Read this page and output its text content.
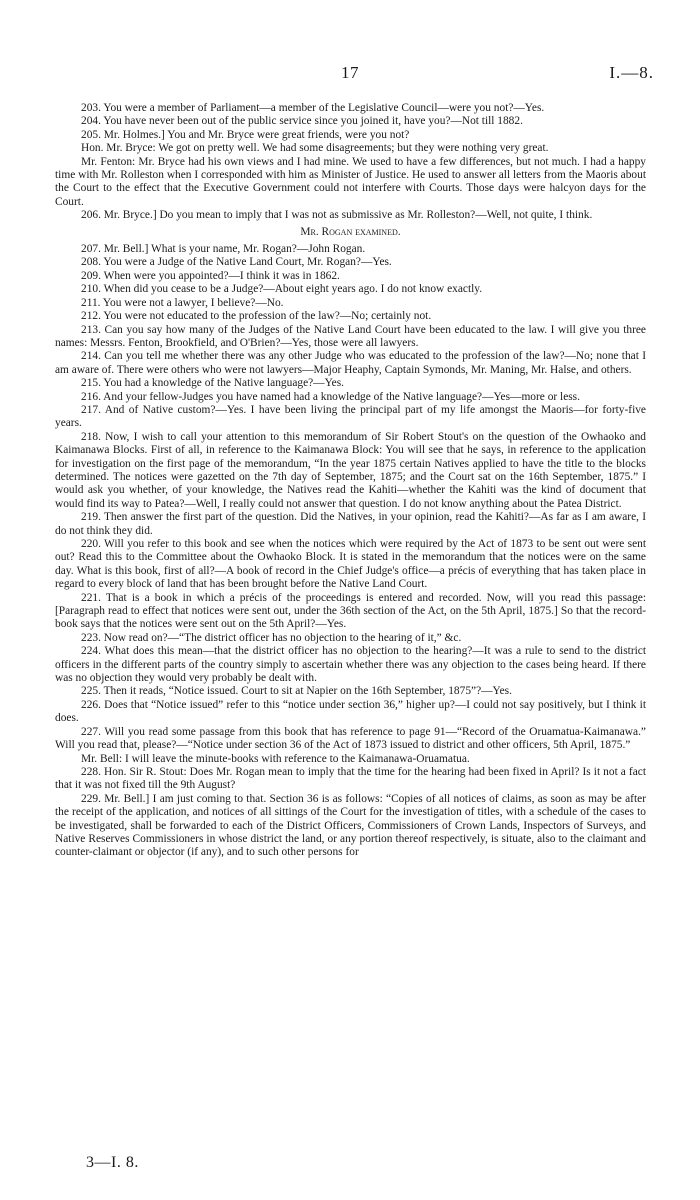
17	I.—8.

203. You were a member of Parliament—a member of the Legislative Council—were you not?—Yes.

204. You have never been out of the public service since you joined it, have you?—Not till 1882.

205. Mr. Holmes.] You and Mr. Bryce were great friends, were you not?

Hon. Mr. Bryce: We got on pretty well. We had some disagreements; but they were nothing very great.

Mr. Fenton: Mr. Bryce had his own views and I had mine. We used to have a few differences, but not much. I had a happy time with Mr. Rolleston when I corresponded with him as Minister of Justice. He used to answer all letters from the Maoris about the Court to the effect that the Executive Government could not interfere with Courts. Those days were halcyon days for the Court.

206. Mr. Bryce.] Do you mean to imply that I was not as submissive as Mr. Rolleston?—Well, not quite, I think.

Mr. Rogan examined.

207. Mr. Bell.] What is your name, Mr. Rogan?—John Rogan.

208. You were a Judge of the Native Land Court, Mr. Rogan?—Yes.

209. When were you appointed?—I think it was in 1862.

210. When did you cease to be a Judge?—About eight years ago. I do not know exactly.

211. You were not a lawyer, I believe?—No.

212. You were not educated to the profession of the law?—No; certainly not.

213. Can you say how many of the Judges of the Native Land Court have been educated to the law. I will give you three names: Messrs. Fenton, Brookfield, and O'Brien?—Yes, those were all lawyers.

214. Can you tell me whether there was any other Judge who was educated to the profession of the law?—No; none that I am aware of. There were others who were not lawyers—Major Heaphy, Captain Symonds, Mr. Maning, Mr. Halse, and others.

215. You had a knowledge of the Native language?—Yes.

216. And your fellow-Judges you have named had a knowledge of the Native language?—Yes—more or less.

217. And of Native custom?—Yes. I have been living the principal part of my life amongst the Maoris—for forty-five years.

218. Now, I wish to call your attention to this memorandum of Sir Robert Stout's on the question of the Owhaoko and Kaimanawa Blocks. First of all, in reference to the Kaimanawa Block: You will see that he says, in reference to the application for investigation on the first page of the memorandum, “In the year 1875 certain Natives applied to have the title to the blocks determined. The notices were gazetted on the 7th day of September, 1875; and the Court sat on the 16th September, 1875.” I would ask you whether, of your knowledge, the Natives read the Kahiti—whether the Kahiti was the kind of document that would find its way to Patea?—Well, I really could not answer that question. I do not know anything about the Patea District.

219. Then answer the first part of the question. Did the Natives, in your opinion, read the Kahiti?—As far as I am aware, I do not think they did.

220. Will you refer to this book and see when the notices which were required by the Act of 1873 to be sent out were sent out? Read this to the Committee about the Owhaoko Block. It is stated in the memorandum that the notices were on the same day. What is this book, first of all?—A book of record in the Chief Judge's office—a précis of everything that has taken place in regard to every block of land that has been brought before the Native Land Court.

221. That is a book in which a précis of the proceedings is entered and recorded. Now, will you read this passage: [Paragraph read to effect that notices were sent out, under the 36th section of the Act, on the 5th April, 1875.] So that the record-book says that the notices were sent out on the 5th April?—Yes.

223. Now read on?—“The district officer has no objection to the hearing of it,” &c.

224. What does this mean—that the district officer has no objection to the hearing?—It was a rule to send to the district officers in the different parts of the country simply to ascertain whether there was any objection to the cases being heard. If there was no objection they would very probably be dealt with.

225. Then it reads, “Notice issued. Court to sit at Napier on the 16th September, 1875”?—Yes.

226. Does that “Notice issued” refer to this “notice under section 36,” higher up?—I could not say positively, but I think it does.

227. Will you read some passage from this book that has reference to page 91—“Record of the Oruamatua-Kaimanawa.” Will you read that, please?—“Notice under section 36 of the Act of 1873 issued to district and other officers, 5th April, 1875.”

Mr. Bell: I will leave the minute-books with reference to the Kaimanawa-Oruamatua.

228. Hon. Sir R. Stout: Does Mr. Rogan mean to imply that the time for the hearing had been fixed in April? Is it not a fact that it was not fixed till the 9th August?

229. Mr. Bell.] I am just coming to that. Section 36 is as follows: “Copies of all notices of claims, as soon as may be after the receipt of the application, and notices of all sittings of the Court for the investigation of titles, with a schedule of the cases to be investigated, shall be forwarded to each of the District Officers, Commissioners of Crown Lands, Inspectors of Surveys, and Native Reserves Commissioners in whose district the land, or any portion thereof respectively, is situate, also to the claimant and counter-claimant or objector (if any), and to such other persons for

3—I. 8.
